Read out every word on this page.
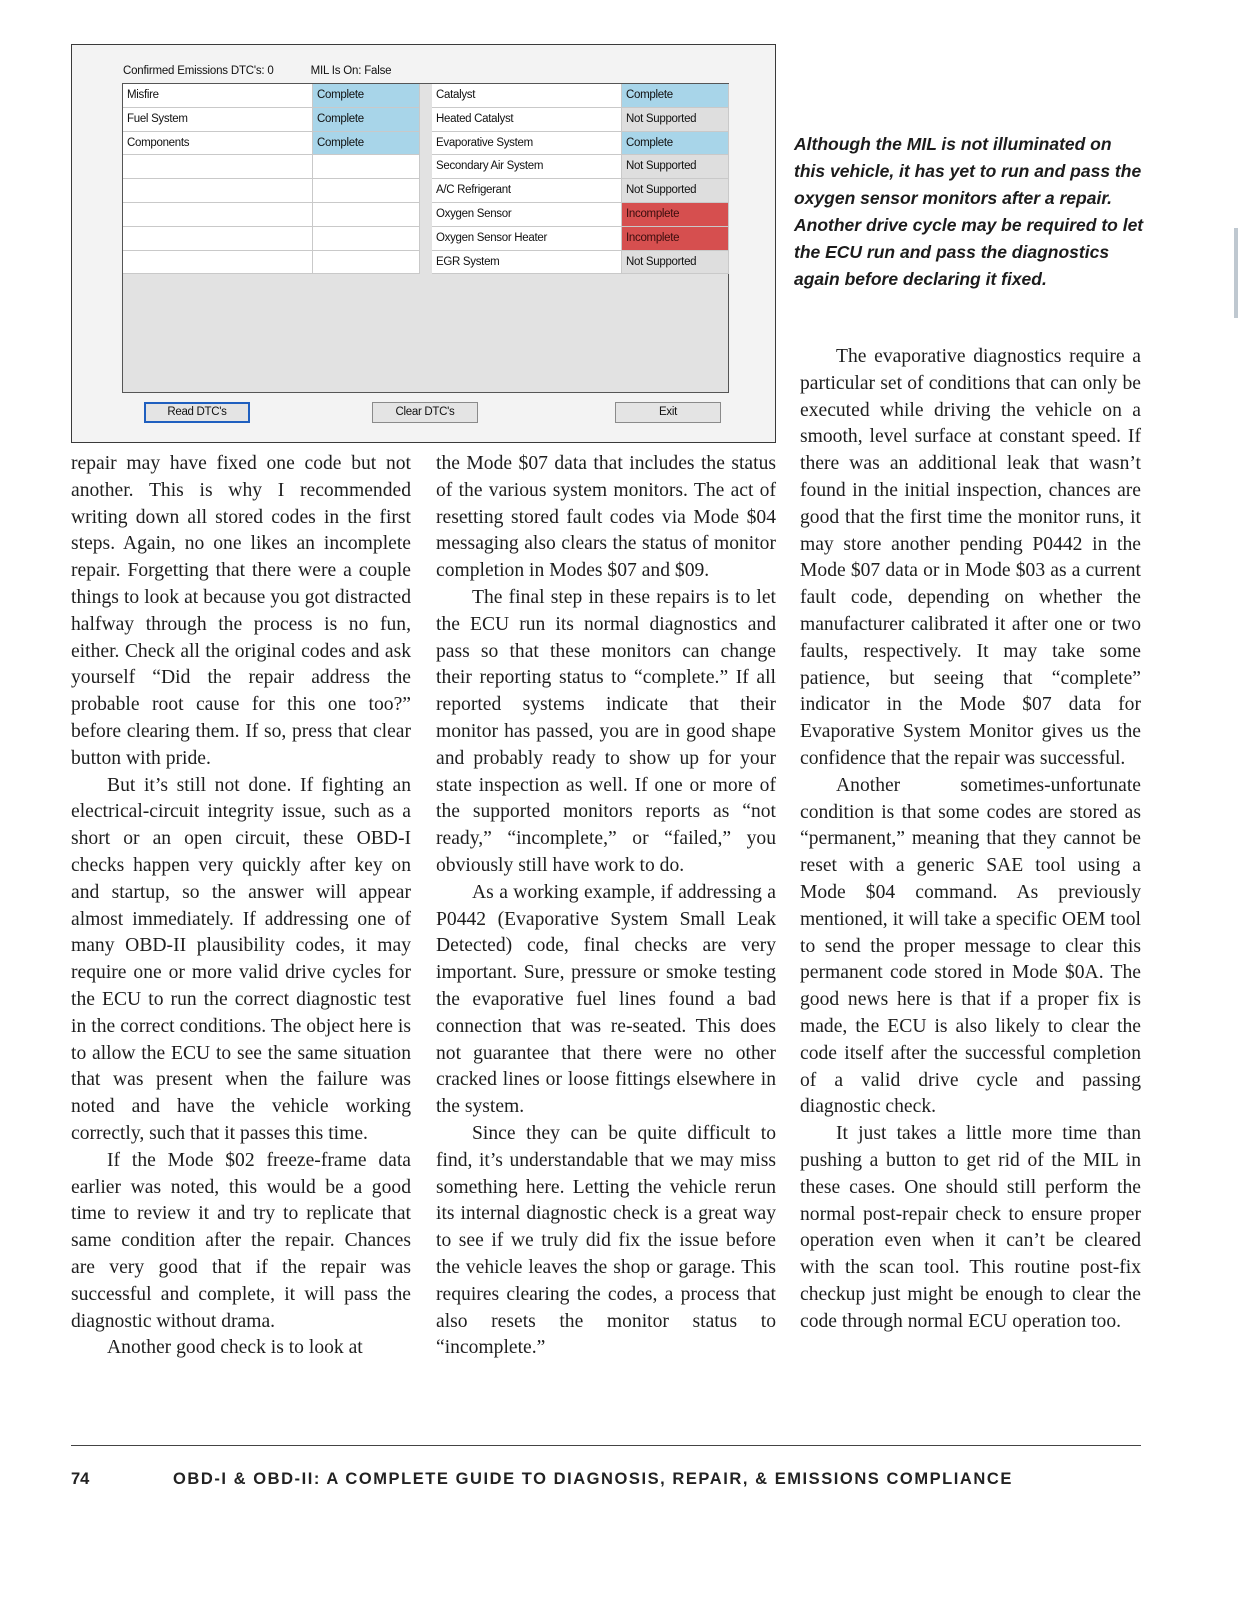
Confirmed Emissions DTC's: 0	MIL Is On: False
Misfire	Complete
Fuel System	Complete
Components	Complete
Catalyst	Complete
Heated Catalyst	Not Supported
Evaporative System	Complete
Secondary Air System	Not Supported
A/C Refrigerant	Not Supported
Oxygen Sensor	Incomplete
Oxygen Sensor Heater	Incomplete
EGR System	Not Supported
Read DTC's	Clear DTC's	Exit
Although the MIL is not illuminated on this vehicle, it has yet to run and pass the oxygen sensor monitors after a repair. Another drive cycle may be required to let the ECU run and pass the diagnostics again before declaring it fixed.

repair may have fixed one code but not another. This is why I recommended writing down all stored codes in the first steps. Again, no one likes an incomplete repair. Forgetting that there were a couple things to look at because you got distracted halfway through the process is no fun, either. Check all the original codes and ask yourself “Did the repair address the probable root cause for this one too?” before clearing them. If so, press that clear button with pride.

But it’s still not done. If fighting an electrical-circuit integrity issue, such as a short or an open circuit, these OBD-I checks happen very quickly after key on and startup, so the answer will appear almost immediately. If addressing one of many OBD-II plausibility codes, it may require one or more valid drive cycles for the ECU to run the correct diagnostic test in the correct conditions. The object here is to allow the ECU to see the same situation that was present when the failure was noted and have the vehicle working correctly, such that it passes this time.

If the Mode $02 freeze-frame data earlier was noted, this would be a good time to review it and try to replicate that same condition after the repair. Chances are very good that if the repair was successful and complete, it will pass the diagnostic without drama.

Another good check is to look at

the Mode $07 data that includes the status of the various system monitors. The act of resetting stored fault codes via Mode $04 messaging also clears the status of monitor completion in Modes $07 and $09.

The final step in these repairs is to let the ECU run its normal diagnostics and pass so that these monitors can change their reporting status to “complete.” If all reported systems indicate that their monitor has passed, you are in good shape and probably ready to show up for your state inspection as well. If one or more of the supported monitors reports as “not ready,” “incomplete,” or “failed,” you obviously still have work to do.

As a working example, if addressing a P0442 (Evaporative System Small Leak Detected) code, final checks are very important. Sure, pressure or smoke testing the evaporative fuel lines found a bad connection that was re-seated. This does not guarantee that there were no other cracked lines or loose fittings elsewhere in the system.

Since they can be quite difficult to find, it’s understandable that we may miss something here. Letting the vehicle rerun its internal diagnostic check is a great way to see if we truly did fix the issue before the vehicle leaves the shop or garage. This requires clearing the codes, a process that also resets the monitor status to “incomplete.”

The evaporative diagnostics require a particular set of conditions that can only be executed while driving the vehicle on a smooth, level surface at constant speed. If there was an additional leak that wasn’t found in the initial inspection, chances are good that the first time the monitor runs, it may store another pending P0442 in the Mode $07 data or in Mode $03 as a current fault code, depending on whether the manufacturer calibrated it after one or two faults, respectively. It may take some patience, but seeing that “complete” indicator in the Mode $07 data for Evaporative System Monitor gives us the confidence that the repair was successful.

Another sometimes-unfortunate condition is that some codes are stored as “permanent,” meaning that they cannot be reset with a generic SAE tool using a Mode $04 command. As previously mentioned, it will take a specific OEM tool to send the proper message to clear this permanent code stored in Mode $0A. The good news here is that if a proper fix is made, the ECU is also likely to clear the code itself after the successful completion of a valid drive cycle and passing diagnostic check.

It just takes a little more time than pushing a button to get rid of the MIL in these cases. One should still perform the normal post-repair check to ensure proper operation even when it can’t be cleared with the scan tool. This routine post-fix checkup just might be enough to clear the code through normal ECU operation too.

74	OBD-I & OBD-II: A COMPLETE GUIDE TO DIAGNOSIS, REPAIR, & EMISSIONS COMPLIANCE
